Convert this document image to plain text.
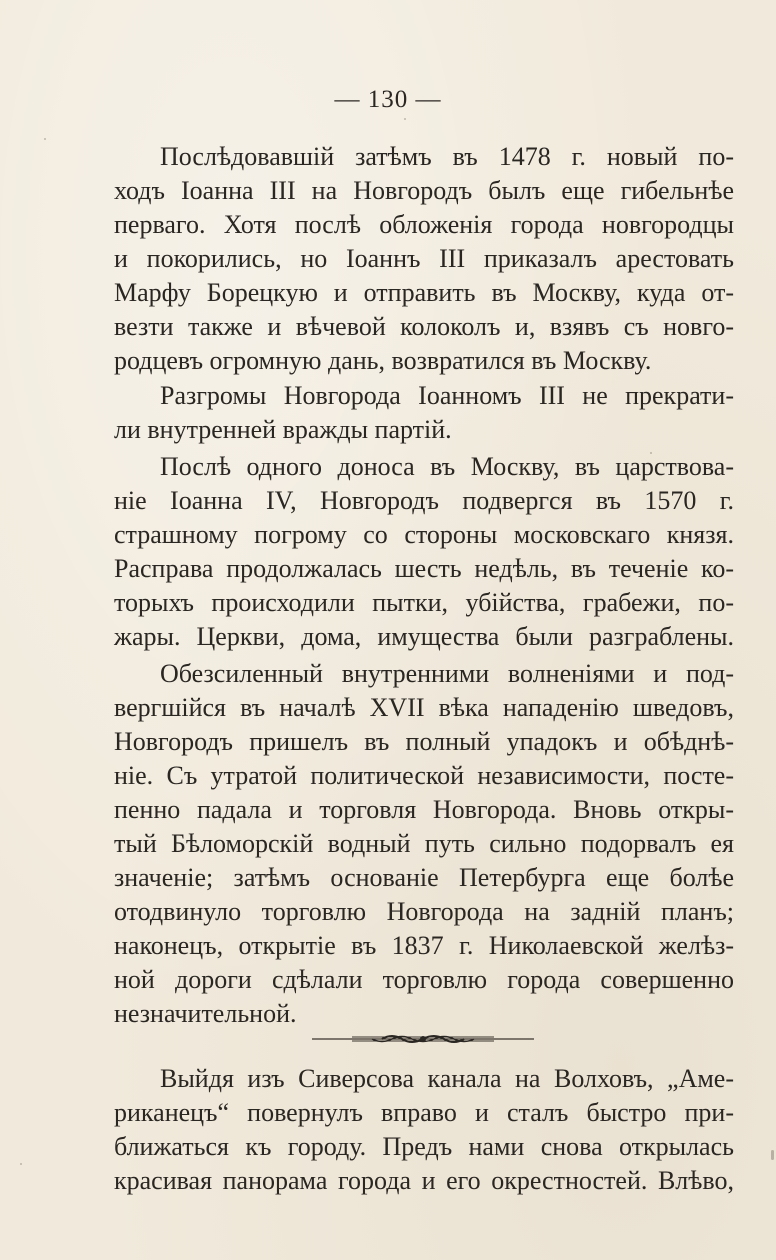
— 130 —
Послѣдовавшій затѣмъ въ 1478 г. новый по-
ходъ Іоанна III на Новгородъ былъ еще гибельнѣе
перваго. Хотя послѣ обложенія города новгородцы
и покорились, но Іоаннъ III приказалъ арестовать
Марфу Борецкую и отправить въ Москву, куда от-
везти также и вѣчевой колоколъ и, взявъ съ новго-
родцевъ огромную дань, возвратился въ Москву.
Разгромы Новгорода Іоанномъ III не прекрати-
ли внутренней вражды партій.
Послѣ одного доноса въ Москву, въ царствова-
ніе Іоанна IV, Новгородъ подвергся въ 1570 г.
страшному погрому со стороны московскаго князя.
Расправа продолжалась шесть недѣль, въ теченіе ко-
торыхъ происходили пытки, убійства, грабежи, по-
жары. Церкви, дома, имущества были разграблены.
Обезсиленный внутренними волненіями и под-
вергшійся въ началѣ XVII вѣка нападенію шведовъ,
Новгородъ пришелъ въ полный упадокъ и обѣднѣ-
ніе. Съ утратой политической независимости, посте-
пенно падала и торговля Новгорода. Вновь откры-
тый Бѣломорскій водный путь сильно подорвалъ ея
значеніе; затѣмъ основаніе Петербурга еще болѣе
отодвинуло торговлю Новгорода на задній планъ;
наконецъ, открытіе въ 1837 г. Николаевской желѣз-
ной дороги сдѣлали торговлю города совершенно
незначительной.
Выйдя изъ Сиверсова канала на Волховъ, „Аме-
риканецъ“ повернулъ вправо и сталъ быстро при-
ближаться къ городу. Предъ нами снова открылась
красивая панорама города и его окрестностей. Влѣво,
